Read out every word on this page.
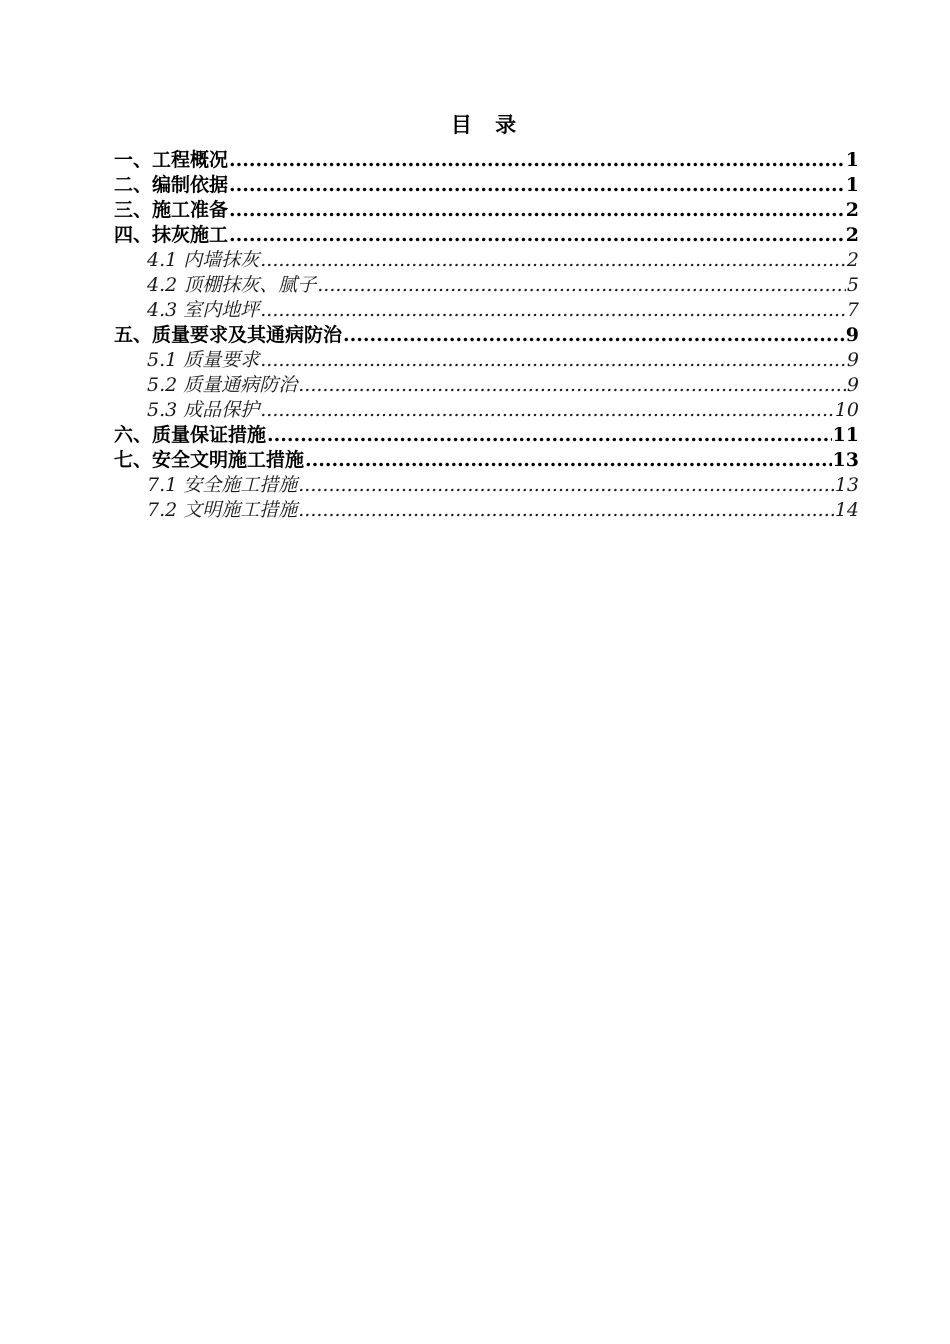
目 录
一、工程概况 .....	1
二、编制依据 .....	1
三、施工准备 .....	2
四、抹灰施工 .....	2
4.1 内墙抹灰 .....	2
4.2 顶棚抹灰、腻子 .....	5
4.3 室内地坪 .....	7
五、质量要求及其通病防治 .....	9
5.1 质量要求 .....	9
5.2 质量通病防治 .....	9
5.3 成品保护 .....	10
六、质量保证措施 .....	11
七、安全文明施工措施 .....	13
7.1 安全施工措施 .....	13
7.2 文明施工措施 .....	14
